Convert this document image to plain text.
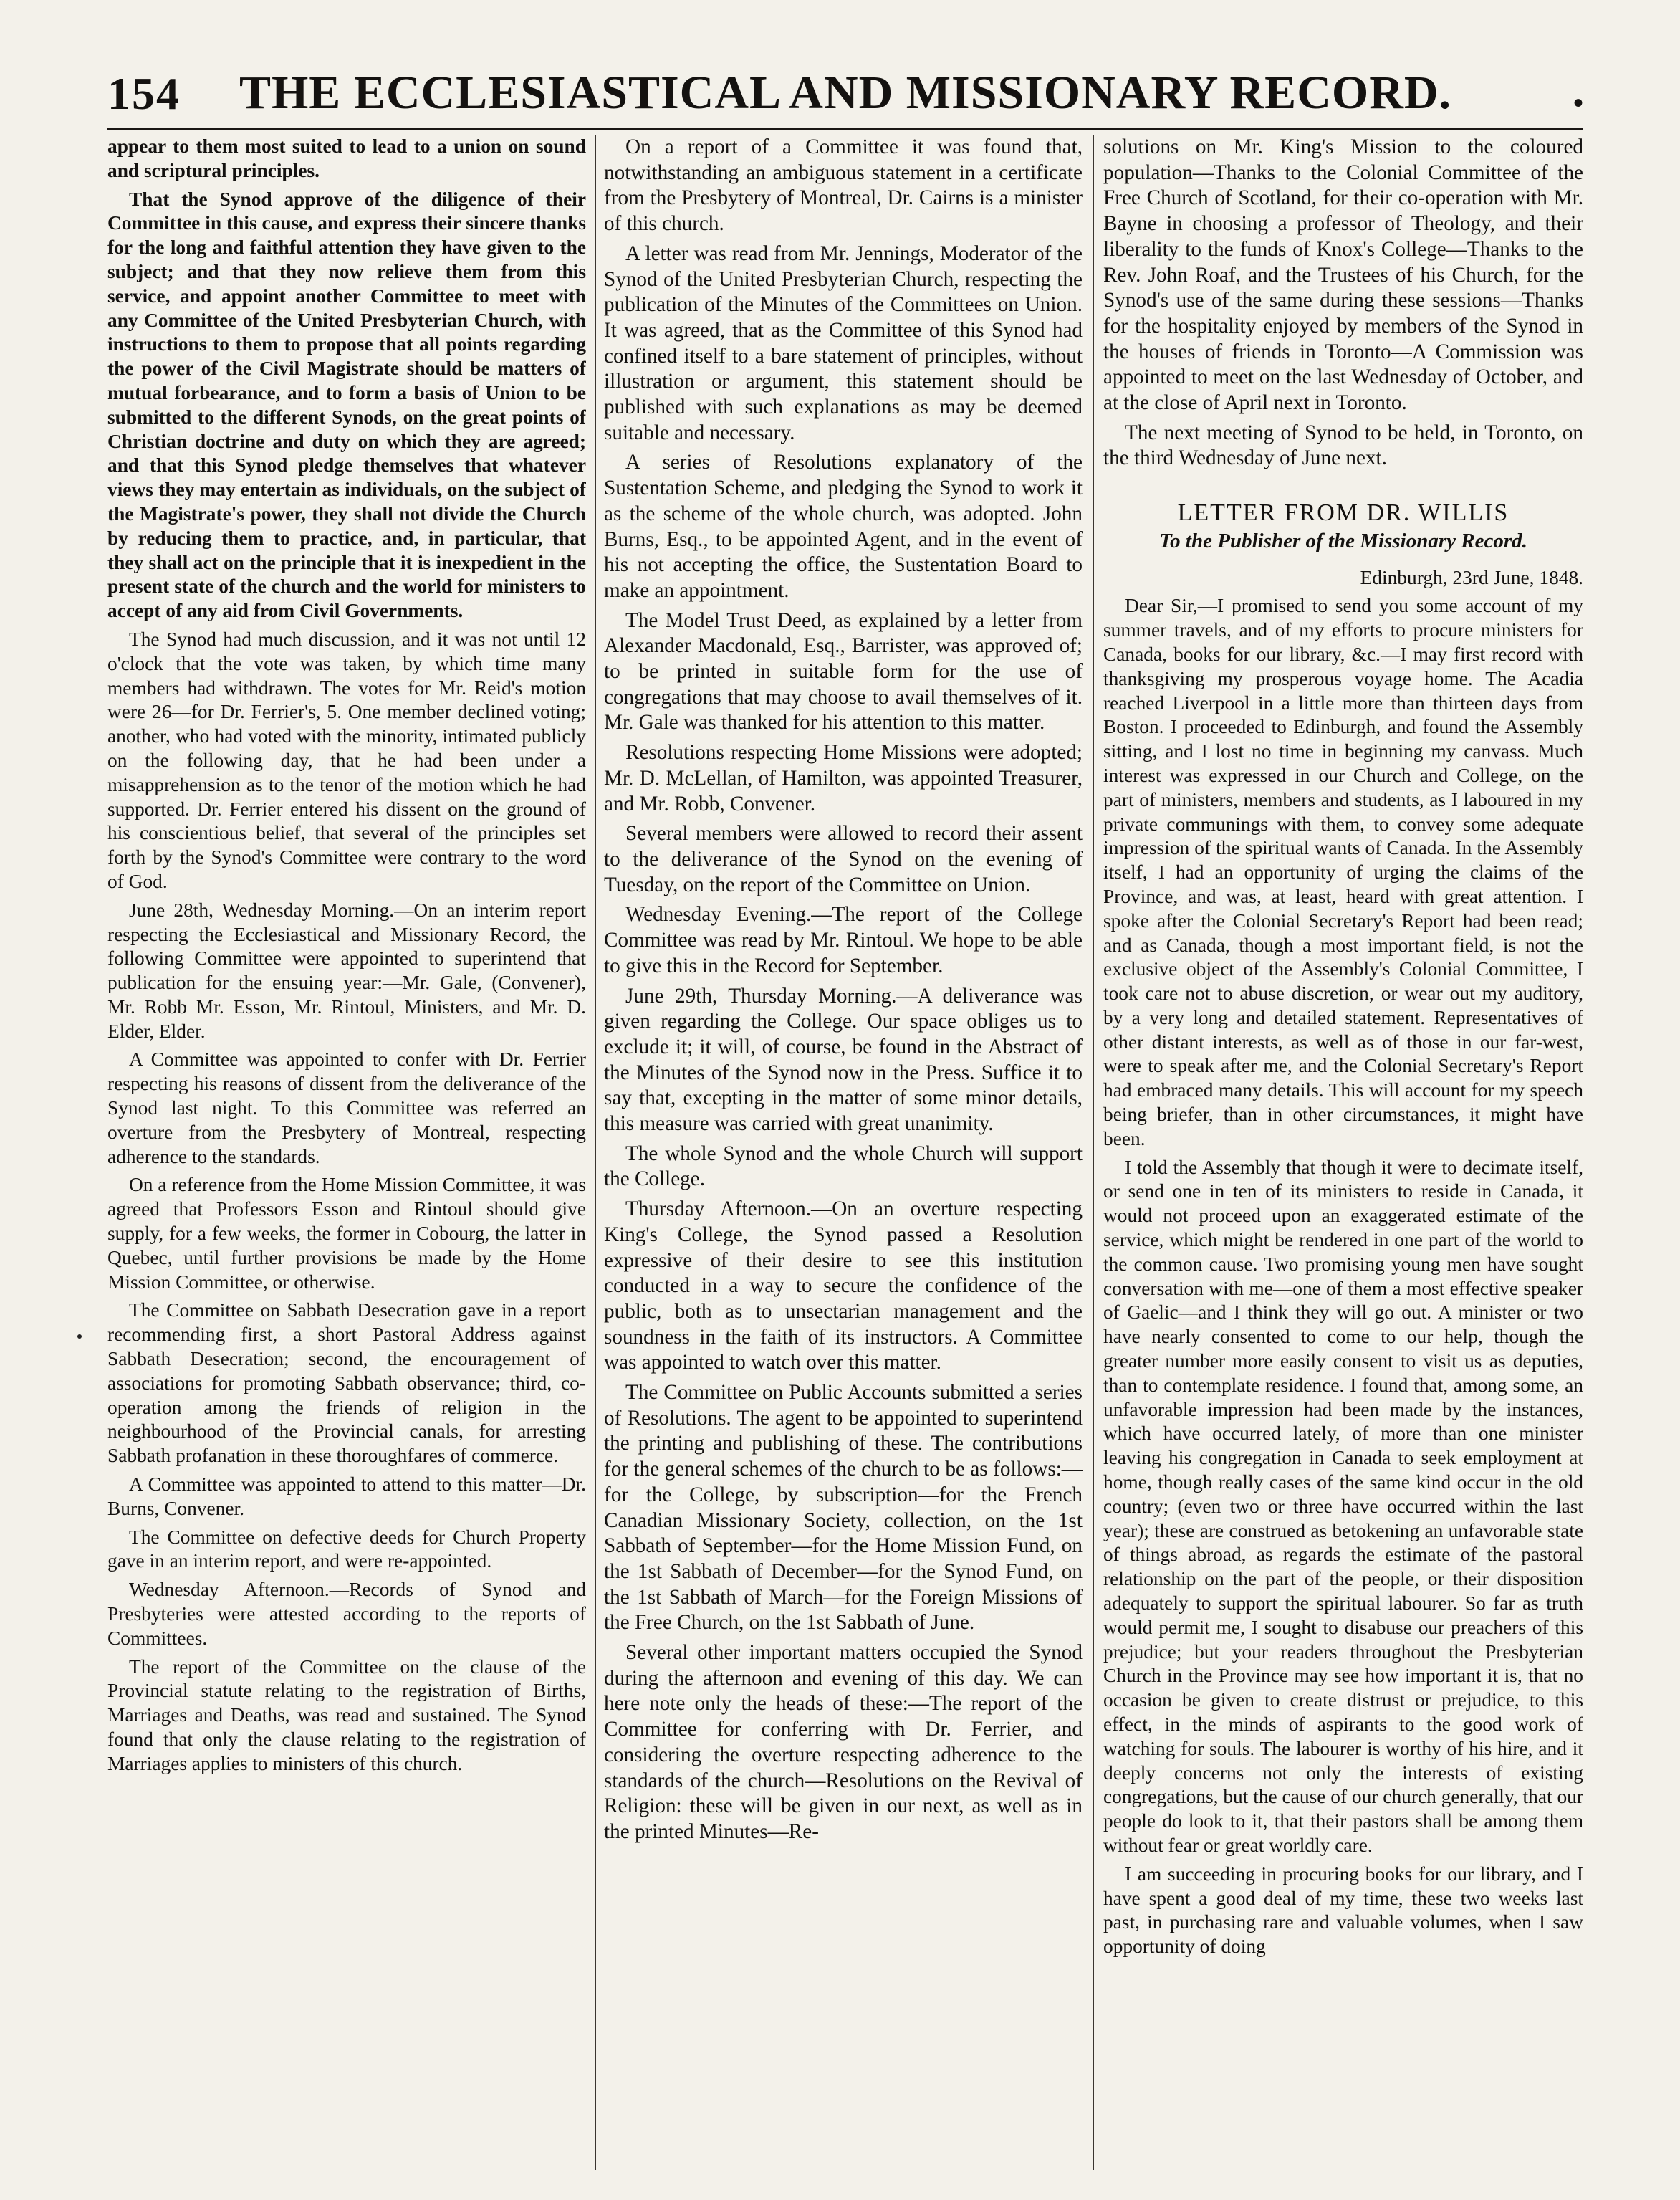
154	THE ECCLESIASTICAL AND MISSIONARY RECORD.	•

appear to them most suited to lead to a union on sound and scriptural principles.

That the Synod approve of the diligence of their Committee in this cause, and express their sincere thanks for the long and faithful attention they have given to the subject; and that they now relieve them from this service, and appoint another Committee to meet with any Committee of the United Presbyterian Church, with instructions to them to propose that all points regarding the power of the Civil Magistrate should be matters of mutual forbearance, and to form a basis of Union to be submitted to the different Synods, on the great points of Christian doctrine and duty on which they are agreed; and that this Synod pledge themselves that whatever views they may entertain as individuals, on the subject of the Magistrate's power, they shall not divide the Church by reducing them to practice, and, in particular, that they shall act on the principle that it is inexpedient in the present state of the church and the world for ministers to accept of any aid from Civil Governments.

The Synod had much discussion, and it was not until 12 o'clock that the vote was taken, by which time many members had withdrawn. The votes for Mr. Reid's motion were 26—for Dr. Ferrier's, 5. One member declined voting; another, who had voted with the minority, intimated publicly on the following day, that he had been under a misapprehension as to the tenor of the motion which he had supported. Dr. Ferrier entered his dissent on the ground of his conscientious belief, that several of the principles set forth by the Synod's Committee were contrary to the word of God.

June 28th, Wednesday Morning.—On an interim report respecting the Ecclesiastical and Missionary Record, the following Committee were appointed to superintend that publication for the ensuing year:—Mr. Gale, (Convener), Mr. Robb Mr. Esson, Mr. Rintoul, Ministers, and Mr. D. Elder, Elder.

A Committee was appointed to confer with Dr. Ferrier respecting his reasons of dissent from the deliverance of the Synod last night. To this Committee was referred an overture from the Presbytery of Montreal, respecting adherence to the standards.

On a reference from the Home Mission Committee, it was agreed that Professors Esson and Rintoul should give supply, for a few weeks, the former in Cobourg, the latter in Quebec, until further provisions be made by the Home Mission Committee, or otherwise.

The Committee on Sabbath Desecration gave in a report recommending first, a short Pastoral Address against Sabbath Desecration; second, the encouragement of associations for promoting Sabbath observance; third, co-operation among the friends of religion in the neighbourhood of the Provincial canals, for arresting Sabbath profanation in these thoroughfares of commerce.

A Committee was appointed to attend to this matter—Dr. Burns, Convener.

The Committee on defective deeds for Church Property gave in an interim report, and were re-appointed.

Wednesday Afternoon.—Records of Synod and Presbyteries were attested according to the reports of Committees.

The report of the Committee on the clause of the Provincial statute relating to the registration of Births, Marriages and Deaths, was read and sustained. The Synod found that only the clause relating to the registration of Marriages applies to ministers of this church.

On a report of a Committee it was found that, notwithstanding an ambiguous statement in a certificate from the Presbytery of Montreal, Dr. Cairns is a minister of this church.

A letter was read from Mr. Jennings, Moderator of the Synod of the United Presbyterian Church, respecting the publication of the Minutes of the Committees on Union. It was agreed, that as the Committee of this Synod had confined itself to a bare statement of principles, without illustration or argument, this statement should be published with such explanations as may be deemed suitable and necessary.

A series of Resolutions explanatory of the Sustentation Scheme, and pledging the Synod to work it as the scheme of the whole church, was adopted. John Burns, Esq., to be appointed Agent, and in the event of his not accepting the office, the Sustentation Board to make an appointment.

The Model Trust Deed, as explained by a letter from Alexander Macdonald, Esq., Barrister, was approved of; to be printed in suitable form for the use of congregations that may choose to avail themselves of it. Mr. Gale was thanked for his attention to this matter.

Resolutions respecting Home Missions were adopted; Mr. D. McLellan, of Hamilton, was appointed Treasurer, and Mr. Robb, Convener.

Several members were allowed to record their assent to the deliverance of the Synod on the evening of Tuesday, on the report of the Committee on Union.

Wednesday Evening.—The report of the College Committee was read by Mr. Rintoul. We hope to be able to give this in the Record for September.

June 29th, Thursday Morning.—A deliverance was given regarding the College. Our space obliges us to exclude it; it will, of course, be found in the Abstract of the Minutes of the Synod now in the Press. Suffice it to say that, excepting in the matter of some minor details, this measure was carried with great unanimity.

The whole Synod and the whole Church will support the College.

Thursday Afternoon.—On an overture respecting King's College, the Synod passed a Resolution expressive of their desire to see this institution conducted in a way to secure the confidence of the public, both as to unsectarian management and the soundness in the faith of its instructors. A Committee was appointed to watch over this matter.

The Committee on Public Accounts submitted a series of Resolutions. The agent to be appointed to superintend the printing and publishing of these. The contributions for the general schemes of the church to be as follows:—for the College, by subscription—for the French Canadian Missionary Society, collection, on the 1st Sabbath of September—for the Home Mission Fund, on the 1st Sabbath of December—for the Synod Fund, on the 1st Sabbath of March—for the Foreign Missions of the Free Church, on the 1st Sabbath of June.

Several other important matters occupied the Synod during the afternoon and evening of this day. We can here note only the heads of these:—The report of the Committee for conferring with Dr. Ferrier, and considering the overture respecting adherence to the standards of the church—Resolutions on the Revival of Religion: these will be given in our next, as well as in the printed Minutes—Re-

solutions on Mr. King's Mission to the coloured population—Thanks to the Colonial Committee of the Free Church of Scotland, for their co-operation with Mr. Bayne in choosing a professor of Theology, and their liberality to the funds of Knox's College—Thanks to the Rev. John Roaf, and the Trustees of his Church, for the Synod's use of the same during these sessions—Thanks for the hospitality enjoyed by members of the Synod in the houses of friends in Toronto—A Commission was appointed to meet on the last Wednesday of October, and at the close of April next in Toronto.

The next meeting of Synod to be held, in Toronto, on the third Wednesday of June next.

LETTER FROM DR. WILLIS
To the Publisher of the Missionary Record.

Edinburgh, 23rd June, 1848.

Dear Sir,—I promised to send you some account of my summer travels, and of my efforts to procure ministers for Canada, books for our library, &c.—I may first record with thanksgiving my prosperous voyage home. The Acadia reached Liverpool in a little more than thirteen days from Boston. I proceeded to Edinburgh, and found the Assembly sitting, and I lost no time in beginning my canvass. Much interest was expressed in our Church and College, on the part of ministers, members and students, as I laboured in my private communings with them, to convey some adequate impression of the spiritual wants of Canada. In the Assembly itself, I had an opportunity of urging the claims of the Province, and was, at least, heard with great attention. I spoke after the Colonial Secretary's Report had been read; and as Canada, though a most important field, is not the exclusive object of the Assembly's Colonial Committee, I took care not to abuse discretion, or wear out my auditory, by a very long and detailed statement. Representatives of other distant interests, as well as of those in our far-west, were to speak after me, and the Colonial Secretary's Report had embraced many details. This will account for my speech being briefer, than in other circumstances, it might have been.

I told the Assembly that though it were to decimate itself, or send one in ten of its ministers to reside in Canada, it would not proceed upon an exaggerated estimate of the service, which might be rendered in one part of the world to the common cause. Two promising young men have sought conversation with me—one of them a most effective speaker of Gaelic—and I think they will go out. A minister or two have nearly consented to come to our help, though the greater number more easily consent to visit us as deputies, than to contemplate residence. I found that, among some, an unfavorable impression had been made by the instances, which have occurred lately, of more than one minister leaving his congregation in Canada to seek employment at home, though really cases of the same kind occur in the old country; (even two or three have occurred within the last year); these are construed as betokening an unfavorable state of things abroad, as regards the estimate of the pastoral relationship on the part of the people, or their disposition adequately to support the spiritual labourer. So far as truth would permit me, I sought to disabuse our preachers of this prejudice; but your readers throughout the Presbyterian Church in the Province may see how important it is, that no occasion be given to create distrust or prejudice, to this effect, in the minds of aspirants to the good work of watching for souls. The labourer is worthy of his hire, and it deeply concerns not only the interests of existing congregations, but the cause of our church generally, that our people do look to it, that their pastors shall be among them without fear or great worldly care.

I am succeeding in procuring books for our library, and I have spent a good deal of my time, these two weeks last past, in purchasing rare and valuable volumes, when I saw opportunity of doing
